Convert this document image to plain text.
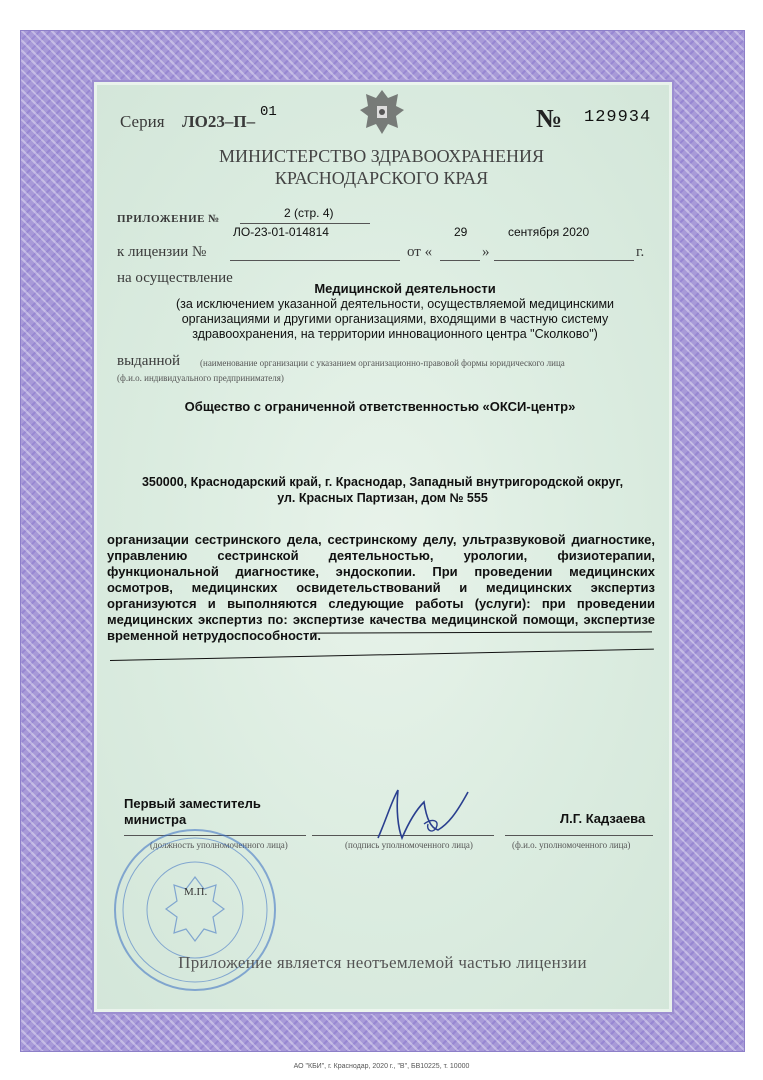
Серия ЛО23–П– 01	№ 129934
МИНИСТЕРСТВО ЗДРАВООХРАНЕНИЯ
КРАСНОДАРСКОГО КРАЯ
ПРИЛОЖЕНИЕ №	2 (стр. 4)
ЛО-23-01-014814	29	сентября 2020
к лицензии №	от «	»	г.
на осуществление
Медицинской деятельности
(за исключением указанной деятельности, осуществляемой медицинскими организациями и другими организациями, входящими в частную систему здравоохранения, на территории инновационного центра "Сколково")
выданной (наименование организации с указанием организационно-правовой формы юридического лица
(ф.и.о. индивидуального предпринимателя)
Общество с ограниченной ответственностью «ОКСИ-центр»
350000, Краснодарский край, г. Краснодар, Западный внутригородской округ,
ул. Красных Партизан, дом № 555

организации сестринского дела, сестринскому делу, ультразвуковой диагностике, управлению сестринской деятельностью, урологии, физиотерапии, функциональной диагностике, эндоскопии. При проведении медицинских осмотров, медицинских освидетельствований и медицинских экспертиз организуются и выполняются следующие работы (услуги): при проведении медицинских экспертиз по: экспертизе качества медицинской помощи, экспертизе временной нетрудоспособности.

Первый заместитель
министра
(должность уполномоченного лица)	(подпись уполномоченного лица)
Л.Г. Кадзаева
(ф.и.о. уполномоченного лица)
М.П.
Приложение является неотъемлемой частью лицензии
АО "КБИ", г. Краснодар, 2020 г., "В", БВ10225, т. 10000
